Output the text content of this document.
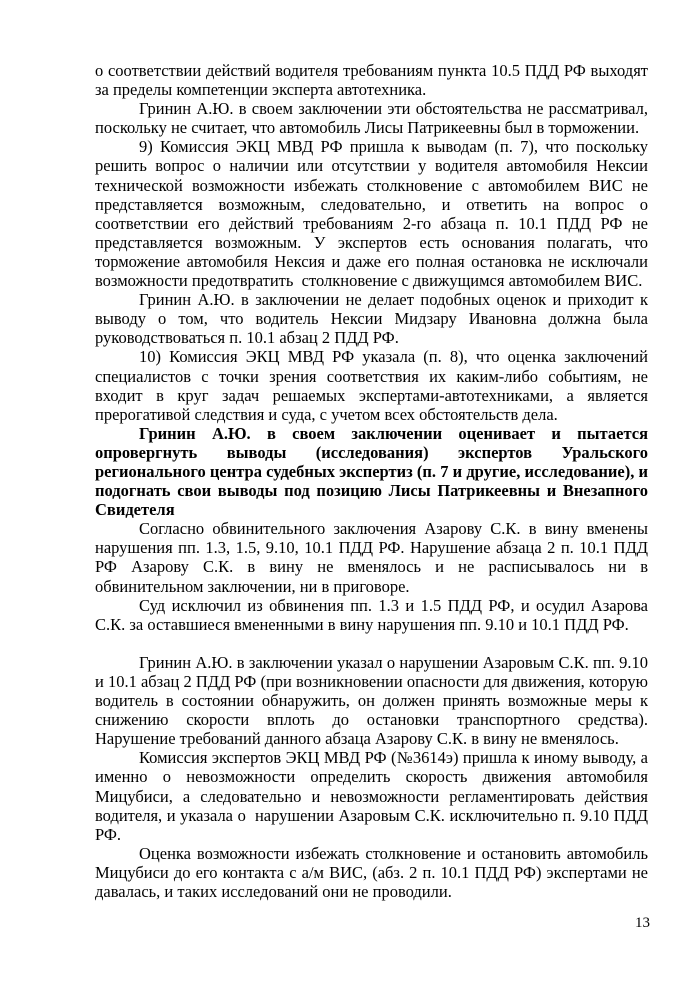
о соответствии действий водителя требованиям пункта 10.5 ПДД РФ выходят за пределы компетенции эксперта автотехника.

Гринин А.Ю. в своем заключении эти обстоятельства не рассматривал, поскольку не считает, что автомобиль Лисы Патрикеевны был в торможении.

9) Комиссия ЭКЦ МВД РФ пришла к выводам (п. 7), что поскольку решить вопрос о наличии или отсутствии у водителя автомобиля Нексии технической возможности избежать столкновение с автомобилем ВИС не представляется возможным, следовательно, и ответить на вопрос о соответствии его действий требованиям 2-го абзаца п. 10.1 ПДД РФ не представляется возможным. У экспертов есть основания полагать, что торможение автомобиля Нексия и даже его полная остановка не исключали возможности предотвратить  столкновение с движущимся автомобилем ВИС.

Гринин А.Ю. в заключении не делает подобных оценок и приходит к выводу о том, что водитель Нексии Мидзару Ивановна должна была руководствоваться п. 10.1 абзац 2 ПДД РФ.

10) Комиссия ЭКЦ МВД РФ указала (п. 8), что оценка заключений специалистов с точки зрения соответствия их каким-либо событиям, не входит в круг задач решаемых экспертами-автотехниками, а является прерогативой следствия и суда, с учетом всех обстоятельств дела.

Гринин А.Ю. в своем заключении оценивает и пытается опровергнуть выводы (исследования) экспертов Уральского регионального центра судебных экспертиз (п. 7 и другие, исследование), и подогнать свои выводы под позицию Лисы Патрикеевны и Внезапного Свидетеля

Согласно обвинительного заключения Азарову С.К. в вину вменены нарушения пп. 1.3, 1.5, 9.10, 10.1 ПДД РФ. Нарушение абзаца 2 п. 10.1 ПДД РФ Азарову С.К. в вину не вменялось и не расписывалось ни в обвинительном заключении, ни в приговоре.

Суд исключил из обвинения пп. 1.3 и 1.5 ПДД РФ, и осудил Азарова С.К. за оставшиеся вмененными в вину нарушения пп. 9.10 и 10.1 ПДД РФ.

Гринин А.Ю. в заключении указал о нарушении Азаровым С.К. пп. 9.10 и 10.1 абзац 2 ПДД РФ (при возникновении опасности для движения, которую водитель в состоянии обнаружить, он должен принять возможные меры к снижению скорости вплоть до остановки транспортного средства). Нарушение требований данного абзаца Азарову С.К. в вину не вменялось.

Комиссия экспертов ЭКЦ МВД РФ (№3614э) пришла к иному выводу, а именно о невозможности определить скорость движения автомобиля Мицубиси, а следовательно и невозможности регламентировать действия водителя, и указала о  нарушении Азаровым С.К. исключительно п. 9.10 ПДД РФ.

Оценка возможности избежать столкновение и остановить автомобиль Мицубиси до его контакта с а/м ВИС, (абз. 2 п. 10.1 ПДД РФ) экспертами не давалась, и таких исследований они не проводили.

13
